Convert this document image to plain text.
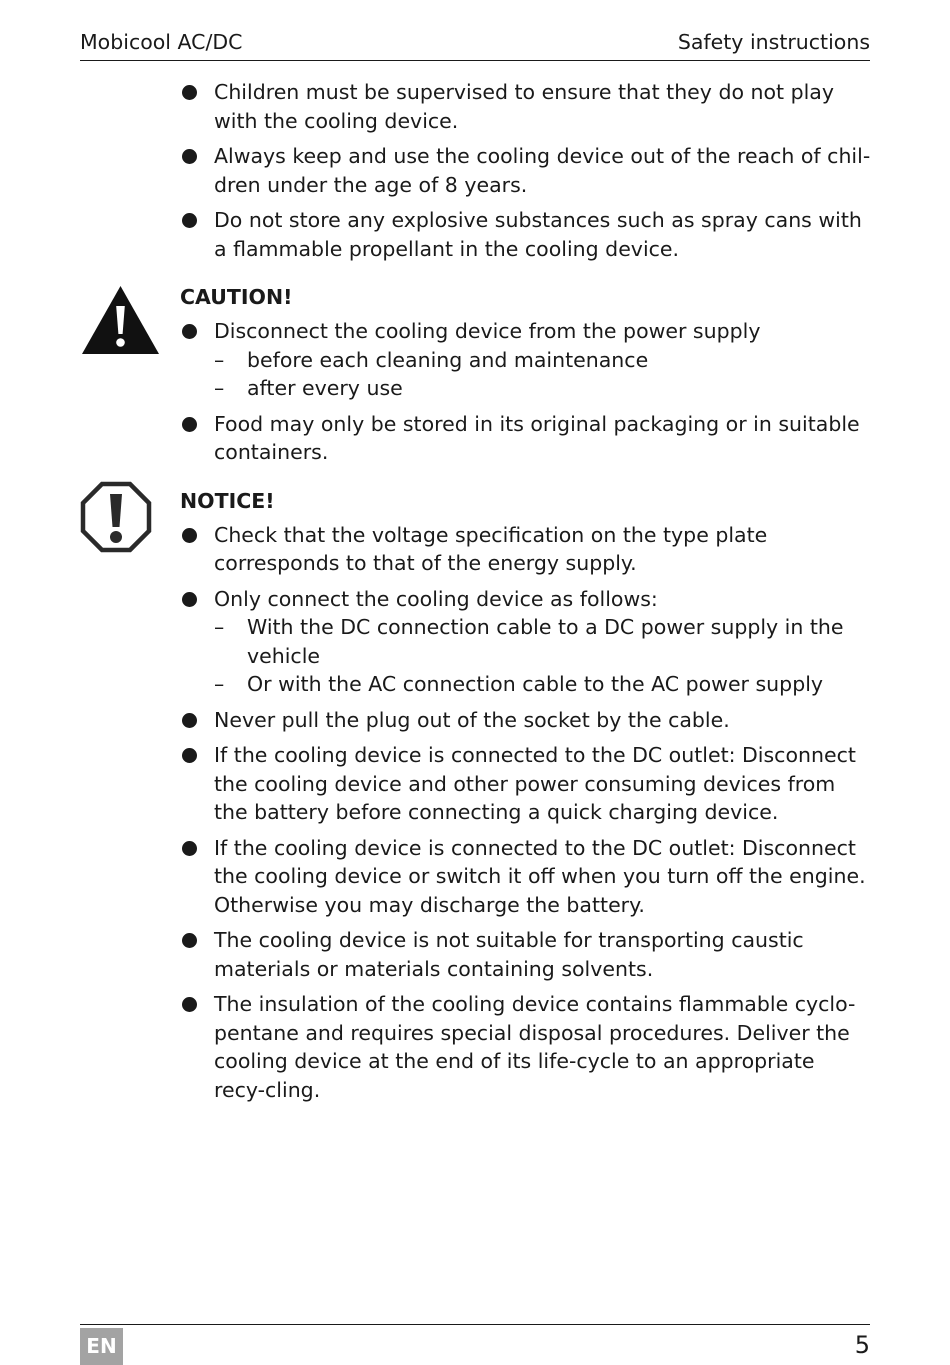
Mobicool AC/DC	Safety instructions
Children must be supervised to ensure that they do not play with the cooling device.
Always keep and use the cooling device out of the reach of chil-dren under the age of 8 years.
Do not store any explosive substances such as spray cans with a flammable propellant in the cooling device.
CAUTION!
Disconnect the cooling device from the power supply
– before each cleaning and maintenance
– after every use
Food may only be stored in its original packaging or in suitable containers.
NOTICE!
Check that the voltage specification on the type plate corresponds to that of the energy supply.
Only connect the cooling device as follows:
– With the DC connection cable to a DC power supply in the vehicle
– Or with the AC connection cable to the AC power supply
Never pull the plug out of the socket by the cable.
If the cooling device is connected to the DC outlet: Disconnect the cooling device and other power consuming devices from the battery before connecting a quick charging device.
If the cooling device is connected to the DC outlet: Disconnect the cooling device or switch it off when you turn off the engine. Otherwise you may discharge the battery.
The cooling device is not suitable for transporting caustic materials or materials containing solvents.
The insulation of the cooling device contains flammable cyclo-pentane and requires special disposal procedures. Deliver the cooling device at the end of its life-cycle to an appropriate recy-cling.
EN	5
